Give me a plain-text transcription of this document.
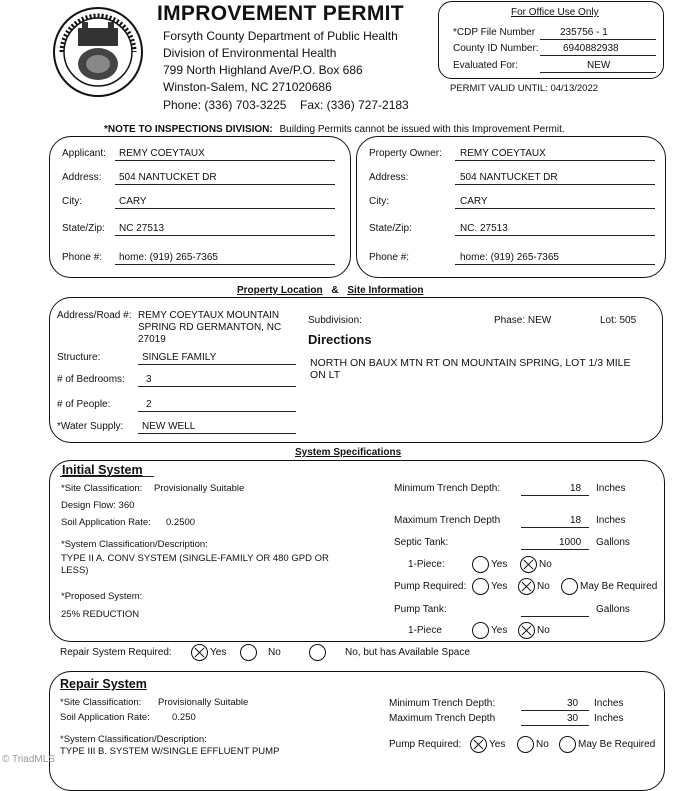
IMPROVEMENT PERMIT
Forsyth County Department of Public Health
Division of Environmental Health
799 North Highland Ave/P.O. Box 686
Winston-Salem, NC 271020686
Phone: (336) 703-3225 Fax: (336) 727-2183
For Office Use Only
*CDP File Number 235756 - 1
County ID Number: 6940882938
Evaluated For:	NEW
PERMIT VALID UNTIL: 04/13/2022
*NOTE TO INSPECTIONS DIVISION: Building Permits cannot be issued with this Improvement Permit.
Applicant: REMY COEYTAUX
Address: 504 NANTUCKET DR
City:	CARY
State/Zip: NC 27513
Phone #: home: (919) 265-7365
Property Owner: REMY COEYTAUX
Address:	504 NANTUCKET DR
City:	CARY
State/Zip:	NC. 27513
Phone #:	home: (919) 265-7365
Property Location & Site Information
Address/Road #: REMY COEYTAUX MOUNTAIN
SPRING RD GERMANTON, NC
27019
Subdivision:	Phase: NEW	Lot: 505
Directions
NORTH ON BAUX MTN RT ON MOUNTAIN SPRING, LOT 1/3 MILE
ON LT
Structure:	SINGLE FAMILY
# of Bedrooms: 3
# of People:	2
*Water Supply: NEW WELL
System Specifications
Initial System
*Site Classification: Provisionally Suitable
Design Flow: 360
Soil Application Rate: 0.2500
*System Classification/Description:
TYPE II A. CONV SYSTEM (SINGLE-FAMILY OR 480 GPD OR
LESS)
*Proposed System:
25% REDUCTION
Minimum Trench Depth:	18 Inches
Maximum Trench Depth	18 Inches
Septic Tank:	1000 Gallons
1-Piece:	Yes	No
Pump Required: Yes	No	May Be Required
Pump Tank:	Gallons
1-Piece	Yes	No
Repair System Required:	Yes	No	No, but has Available Space
Repair System
*Site Classification: Provisionally Suitable
Soil Application Rate: 0.250
*System Classification/Description:
TYPE III B. SYSTEM W/SINGLE EFFLUENT PUMP
Minimum Trench Depth:	30 Inches
Maximum Trench Depth	30 Inches
Pump Required:	Yes	No	May Be Required
© TriadMLS
